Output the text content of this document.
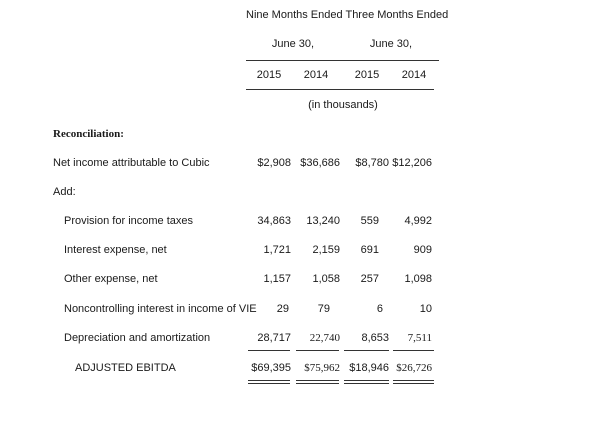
Nine Months Ended Three Months Ended
June 30,	June 30,
2015	2014	2015	2014
(in thousands)
Reconciliation:
Net income attributable to Cubic	$2,908 $36,686	$8,780 $12,206
Add:
Provision for income taxes	34,863	13,240	559	4,992
Interest expense, net	1,721	2,159	691	909
Other expense, net	1,157	1,058	257	1,098
Noncontrolling interest in income of VIE	29	79	6	10
Depreciation and amortization	28,717	22,740	8,653	7,511
ADJUSTED EBITDA	$69,395	$75,962 $18,946 $26,726
